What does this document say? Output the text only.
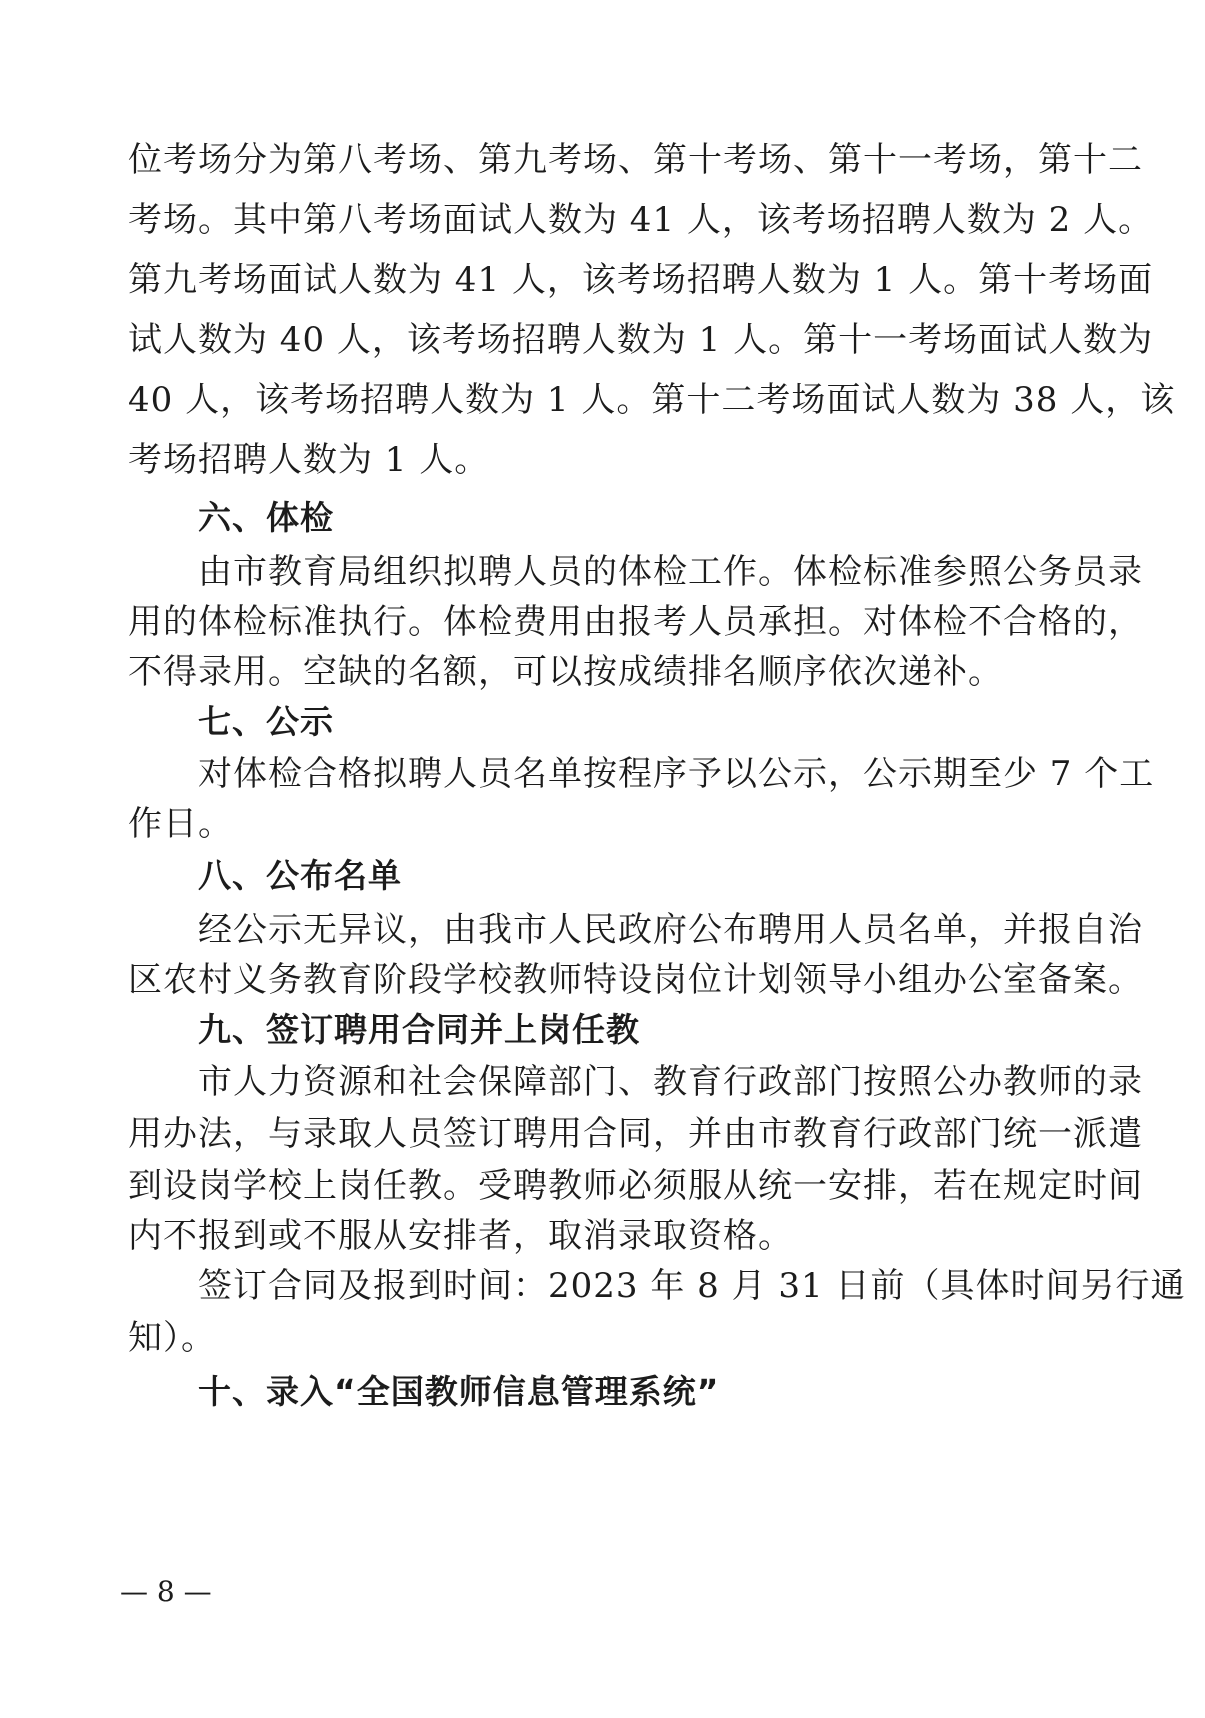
位考场分为第八考场、第九考场、第十考场、第十一考场，第十二
考场。其中第八考场面试人数为 41 人，该考场招聘人数为 2 人。
第九考场面试人数为 41 人，该考场招聘人数为 1 人。第十考场面
试人数为 40 人，该考场招聘人数为 1 人。第十一考场面试人数为
40 人，该考场招聘人数为 1 人。第十二考场面试人数为 38 人，该
考场招聘人数为 1 人。
六、体检
由市教育局组织拟聘人员的体检工作。体检标准参照公务员录
用的体检标准执行。体检费用由报考人员承担。对体检不合格的，
不得录用。空缺的名额，可以按成绩排名顺序依次递补。
七、公示
对体检合格拟聘人员名单按程序予以公示，公示期至少 7 个工
作日。
八、公布名单
经公示无异议，由我市人民政府公布聘用人员名单，并报自治
区农村义务教育阶段学校教师特设岗位计划领导小组办公室备案。
九、签订聘用合同并上岗任教
市人力资源和社会保障部门、教育行政部门按照公办教师的录
用办法，与录取人员签订聘用合同，并由市教育行政部门统一派遣
到设岗学校上岗任教。受聘教师必须服从统一安排，若在规定时间
内不报到或不服从安排者，取消录取资格。
签订合同及报到时间：2023 年 8 月 31 日前（具体时间另行通
知）。
十、录入“全国教师信息管理系统”
— 8 —
